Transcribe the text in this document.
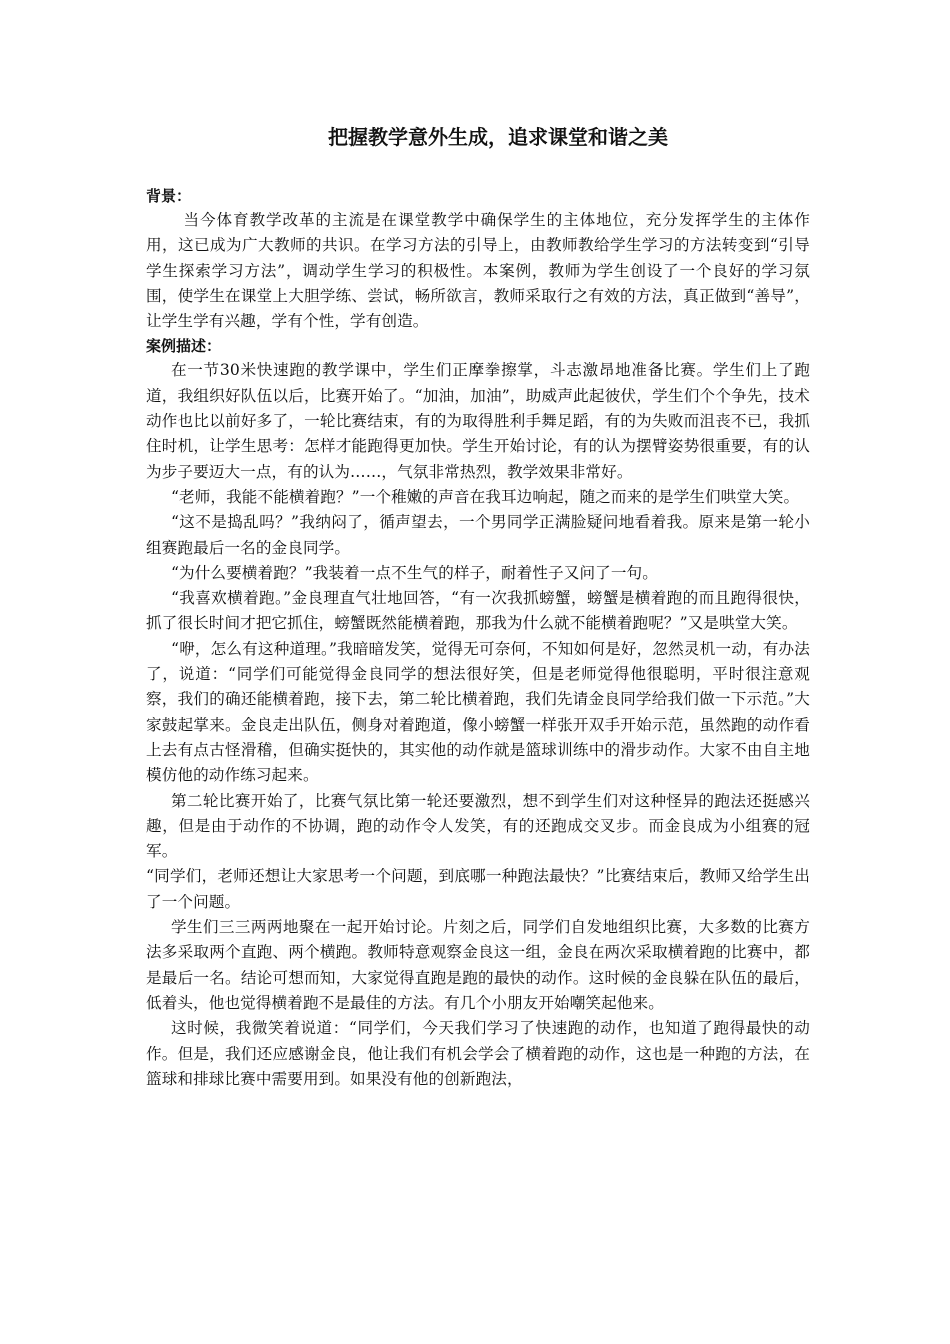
把握教学意外生成，追求课堂和谐之美

背景：

当今体育教学改革的主流是在课堂教学中确保学生的主体地位，充分发挥学生的主体作用，这已成为广大教师的共识。在学习方法的引导上，由教师教给学生学习的方法转变到“引导学生探索学习方法”，调动学生学习的积极性。本案例，教师为学生创设了一个良好的学习氛围，使学生在课堂上大胆学练、尝试，畅所欲言，教师采取行之有效的方法，真正做到“善导”，让学生学有兴趣，学有个性，学有创造。

案例描述：

在一节30米快速跑的教学课中，学生们正摩拳擦掌，斗志激昂地准备比赛。学生们上了跑道，我组织好队伍以后，比赛开始了。“加油，加油”，助威声此起彼伏，学生们个个争先，技术动作也比以前好多了，一轮比赛结束，有的为取得胜利手舞足蹈，有的为失败而沮丧不已，我抓住时机，让学生思考：怎样才能跑得更加快。学生开始讨论，有的认为摆臂姿势很重要，有的认为步子要迈大一点，有的认为……，气氛非常热烈，教学效果非常好。

“老师，我能不能横着跑？”一个稚嫩的声音在我耳边响起，随之而来的是学生们哄堂大笑。

“这不是捣乱吗？”我纳闷了，循声望去，一个男同学正满脸疑问地看着我。原来是第一轮小组赛跑最后一名的金良同学。

“为什么要横着跑？”我装着一点不生气的样子，耐着性子又问了一句。

“我喜欢横着跑。”金良理直气壮地回答，“有一次我抓螃蟹，螃蟹是横着跑的而且跑得很快，抓了很长时间才把它抓住，螃蟹既然能横着跑，那我为什么就不能横着跑呢？”又是哄堂大笑。

“咿，怎么有这种道理。”我暗暗发笑，觉得无可奈何，不知如何是好，忽然灵机一动，有办法了，说道：“同学们可能觉得金良同学的想法很好笑，但是老师觉得他很聪明，平时很注意观察，我们的确还能横着跑，接下去，第二轮比横着跑，我们先请金良同学给我们做一下示范。”大家鼓起掌来。金良走出队伍，侧身对着跑道，像小螃蟹一样张开双手开始示范，虽然跑的动作看上去有点古怪滑稽，但确实挺快的，其实他的动作就是篮球训练中的滑步动作。大家不由自主地模仿他的动作练习起来。

第二轮比赛开始了，比赛气氛比第一轮还要激烈，想不到学生们对这种怪异的跑法还挺感兴趣，但是由于动作的不协调，跑的动作令人发笑，有的还跑成交叉步。而金良成为小组赛的冠军。

“同学们，老师还想让大家思考一个问题，到底哪一种跑法最快？”比赛结束后，教师又给学生出了一个问题。

学生们三三两两地聚在一起开始讨论。片刻之后，同学们自发地组织比赛，大多数的比赛方法多采取两个直跑、两个横跑。教师特意观察金良这一组，金良在两次采取横着跑的比赛中，都是最后一名。结论可想而知，大家觉得直跑是跑的最快的动作。这时候的金良躲在队伍的最后，低着头，他也觉得横着跑不是最佳的方法。有几个小朋友开始嘲笑起他来。

这时候，我微笑着说道：“同学们，今天我们学习了快速跑的动作，也知道了跑得最快的动作。但是，我们还应感谢金良，他让我们有机会学会了横着跑的动作，这也是一种跑的方法，在篮球和排球比赛中需要用到。如果没有他的创新跑法，
